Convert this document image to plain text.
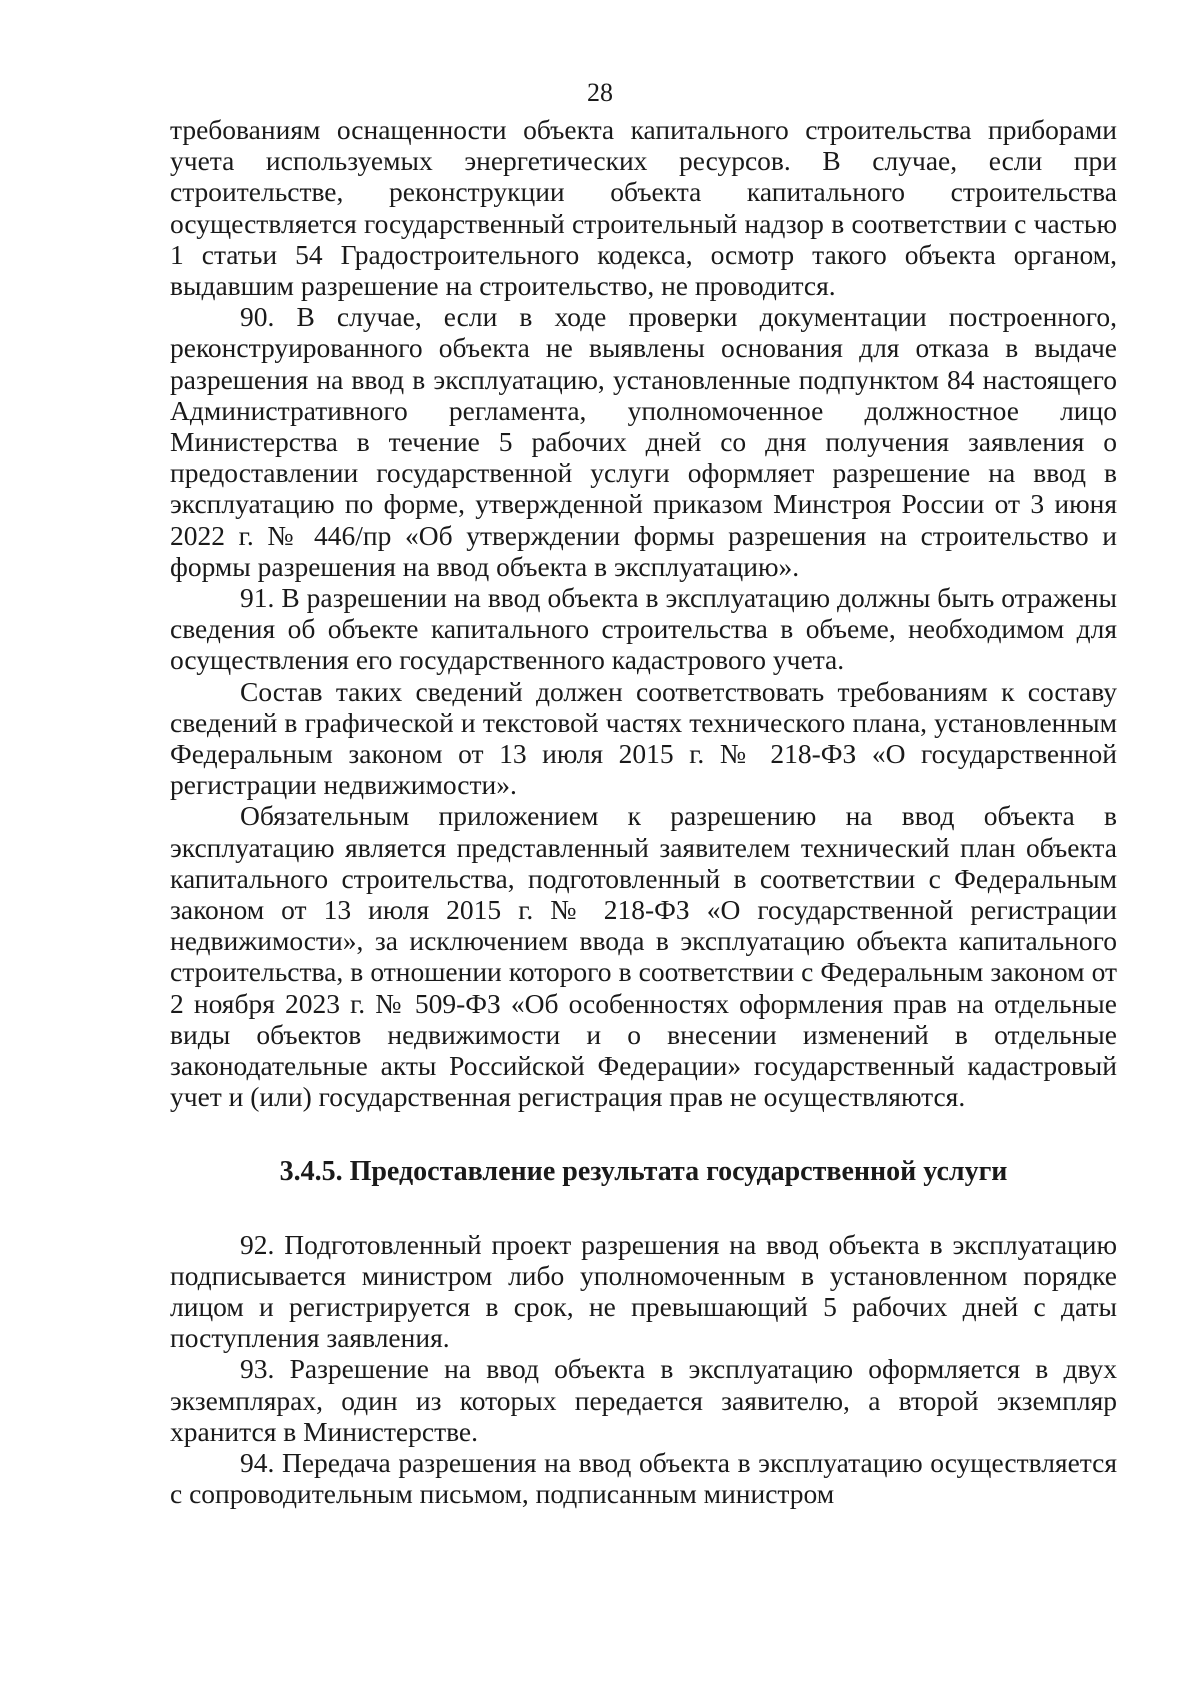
28

требованиям оснащенности объекта капитального строительства приборами учета используемых энергетических ресурсов. В случае, если при строительстве, реконструкции объекта капитального строительства осуществляется государственный строительный надзор в соответствии с частью 1 статьи 54 Градостроительного кодекса, осмотр такого объекта органом, выдавшим разрешение на строительство, не проводится.

90. В случае, если в ходе проверки документации построенного, реконструированного объекта не выявлены основания для отказа в выдаче разрешения на ввод в эксплуатацию, установленные подпунктом 84 настоящего Административного регламента, уполномоченное должностное лицо Министерства в течение 5 рабочих дней со дня получения заявления о предоставлении государственной услуги оформляет разрешение на ввод в эксплуатацию по форме, утвержденной приказом Минстроя России от 3 июня 2022 г. № 446/пр «Об утверждении формы разрешения на строительство и формы разрешения на ввод объекта в эксплуатацию».

91. В разрешении на ввод объекта в эксплуатацию должны быть отражены сведения об объекте капитального строительства в объеме, необходимом для осуществления его государственного кадастрового учета.

Состав таких сведений должен соответствовать требованиям к составу сведений в графической и текстовой частях технического плана, установленным Федеральным законом от 13 июля 2015 г. № 218-ФЗ «О государственной регистрации недвижимости».

Обязательным приложением к разрешению на ввод объекта в эксплуатацию является представленный заявителем технический план объекта капитального строительства, подготовленный в соответствии с Федеральным законом от 13 июля 2015 г. № 218-ФЗ «О государственной регистрации недвижимости», за исключением ввода в эксплуатацию объекта капитального строительства, в отношении которого в соответствии с Федеральным законом от 2 ноября 2023 г. № 509-ФЗ «Об особенностях оформления прав на отдельные виды объектов недвижимости и о внесении изменений в отдельные законодательные акты Российской Федерации» государственный кадастровый учет и (или) государственная регистрация прав не осуществляются.

3.4.5. Предоставление результата государственной услуги

92. Подготовленный проект разрешения на ввод объекта в эксплуатацию подписывается министром либо уполномоченным в установленном порядке лицом и регистрируется в срок, не превышающий 5 рабочих дней с даты поступления заявления.

93. Разрешение на ввод объекта в эксплуатацию оформляется в двух экземплярах, один из которых передается заявителю, а второй экземпляр хранится в Министерстве.

94. Передача разрешения на ввод объекта в эксплуатацию осуществляется с сопроводительным письмом, подписанным министром
